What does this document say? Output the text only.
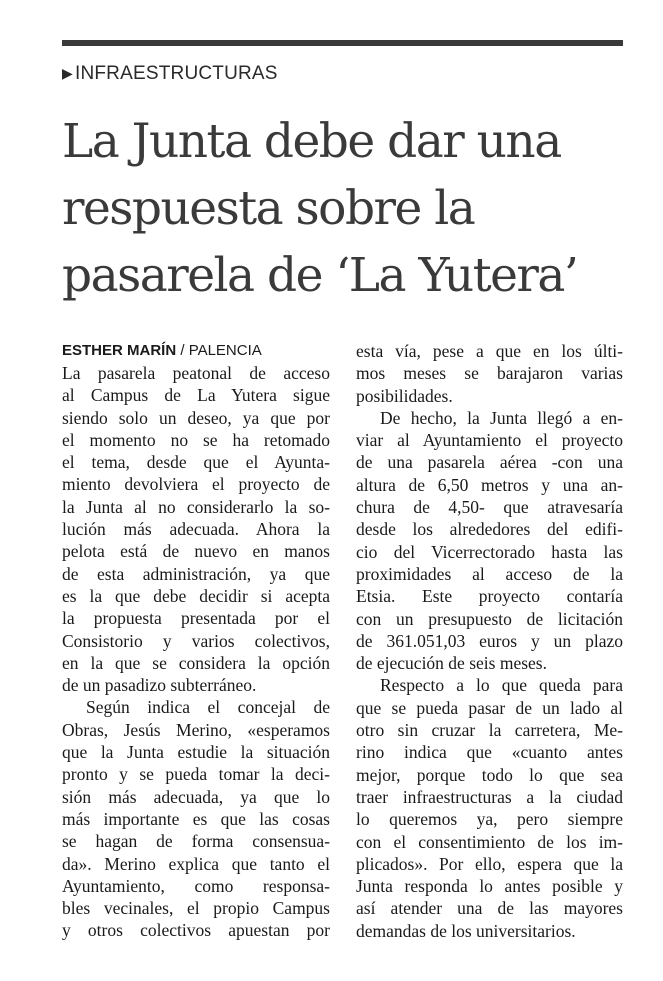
▶ INFRAESTRUCTURAS
La Junta debe dar una
respuesta sobre la
pasarela de ‘La Yutera’
ESTHER MARÍN / PALENCIA

La pasarela peatonal de acceso

al Campus de La Yutera sigue

siendo solo un deseo, ya que por

el momento no se ha retomado

el tema, desde que el Ayunta-

miento devolviera el proyecto de

la Junta al no considerarlo la so-

lución más adecuada. Ahora la

pelota está de nuevo en manos

de esta administración, ya que

es la que debe decidir si acepta

la propuesta presentada por el

Consistorio y varios colectivos,

en la que se considera la opción

de un pasadizo subterráneo.

Según indica el concejal de

Obras, Jesús Merino, «esperamos

que la Junta estudie la situación

pronto y se pueda tomar la deci-

sión más adecuada, ya que lo

más importante es que las cosas

se hagan de forma consensua-

da». Merino explica que tanto el

Ayuntamiento, como responsa-

bles vecinales, el propio Campus

y otros colectivos apuestan por

esta vía, pese a que en los últi-

mos meses se barajaron varias

posibilidades.

De hecho, la Junta llegó a en-

viar al Ayuntamiento el proyecto

de una pasarela aérea -con una

altura de 6,50 metros y una an-

chura de 4,50- que atravesaría

desde los alrededores del edifi-

cio del Vicerrectorado hasta las

proximidades al acceso de la

Etsia. Este proyecto contaría

con un presupuesto de licitación

de 361.051,03 euros y un plazo

de ejecución de seis meses.

Respecto a lo que queda para

que se pueda pasar de un lado al

otro sin cruzar la carretera, Me-

rino indica que «cuanto antes

mejor, porque todo lo que sea

traer infraestructuras a la ciudad

lo queremos ya, pero siempre

con el consentimiento de los im-

plicados». Por ello, espera que la

Junta responda lo antes posible y

así atender una de las mayores

demandas de los universitarios.
